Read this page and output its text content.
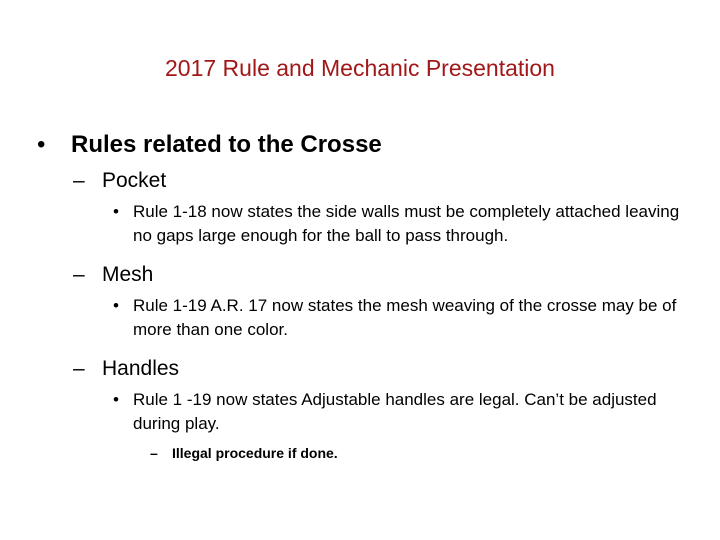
2017 Rule and Mechanic Presentation
• Rules related to the Crosse
– Pocket
• Rule 1-18 now states the side walls must be completely attached leaving no gaps large enough for the ball to pass through.
– Mesh
• Rule 1-19 A.R. 17 now states the mesh weaving of the crosse may be of more than one color.
– Handles
• Rule 1 -19 now states Adjustable handles are legal. Can’t be adjusted during play.
– Illegal procedure if done.
